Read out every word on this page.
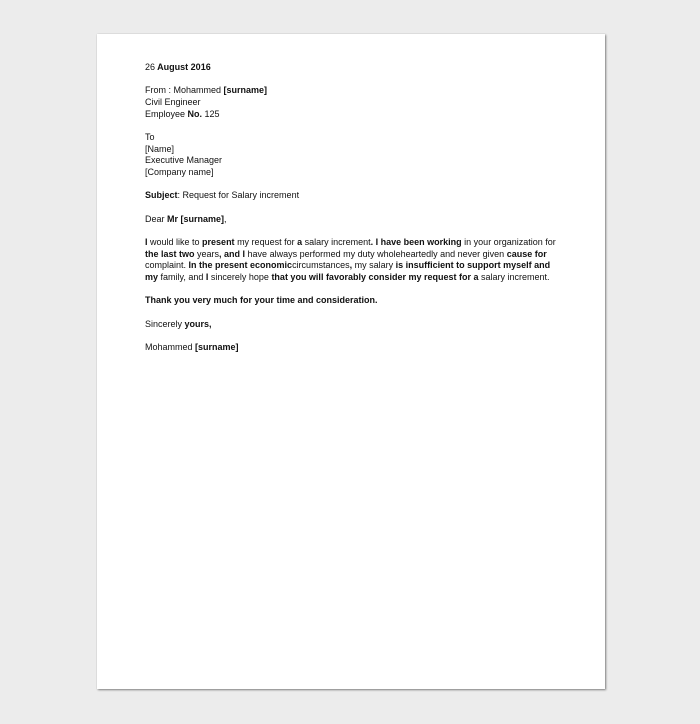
26 August 2016

From : Mohammed [surname]

Civil Engineer

Employee No. 125

To

[Name]

Executive Manager

[Company name]

Subject: Request for Salary increment

Dear Mr [surname],

I would like to present my request for a salary increment. I have been working in your organization for the last two years, and I have always performed my duty wholeheartedly and never given cause for complaint. In the present economiccircumstances, my salary is insufficient to support myself and my family, and I sincerely hope that you will favorably consider my request for a salary increment.

Thank you very much for your time and consideration.

Sincerely yours,

Mohammed [surname]
